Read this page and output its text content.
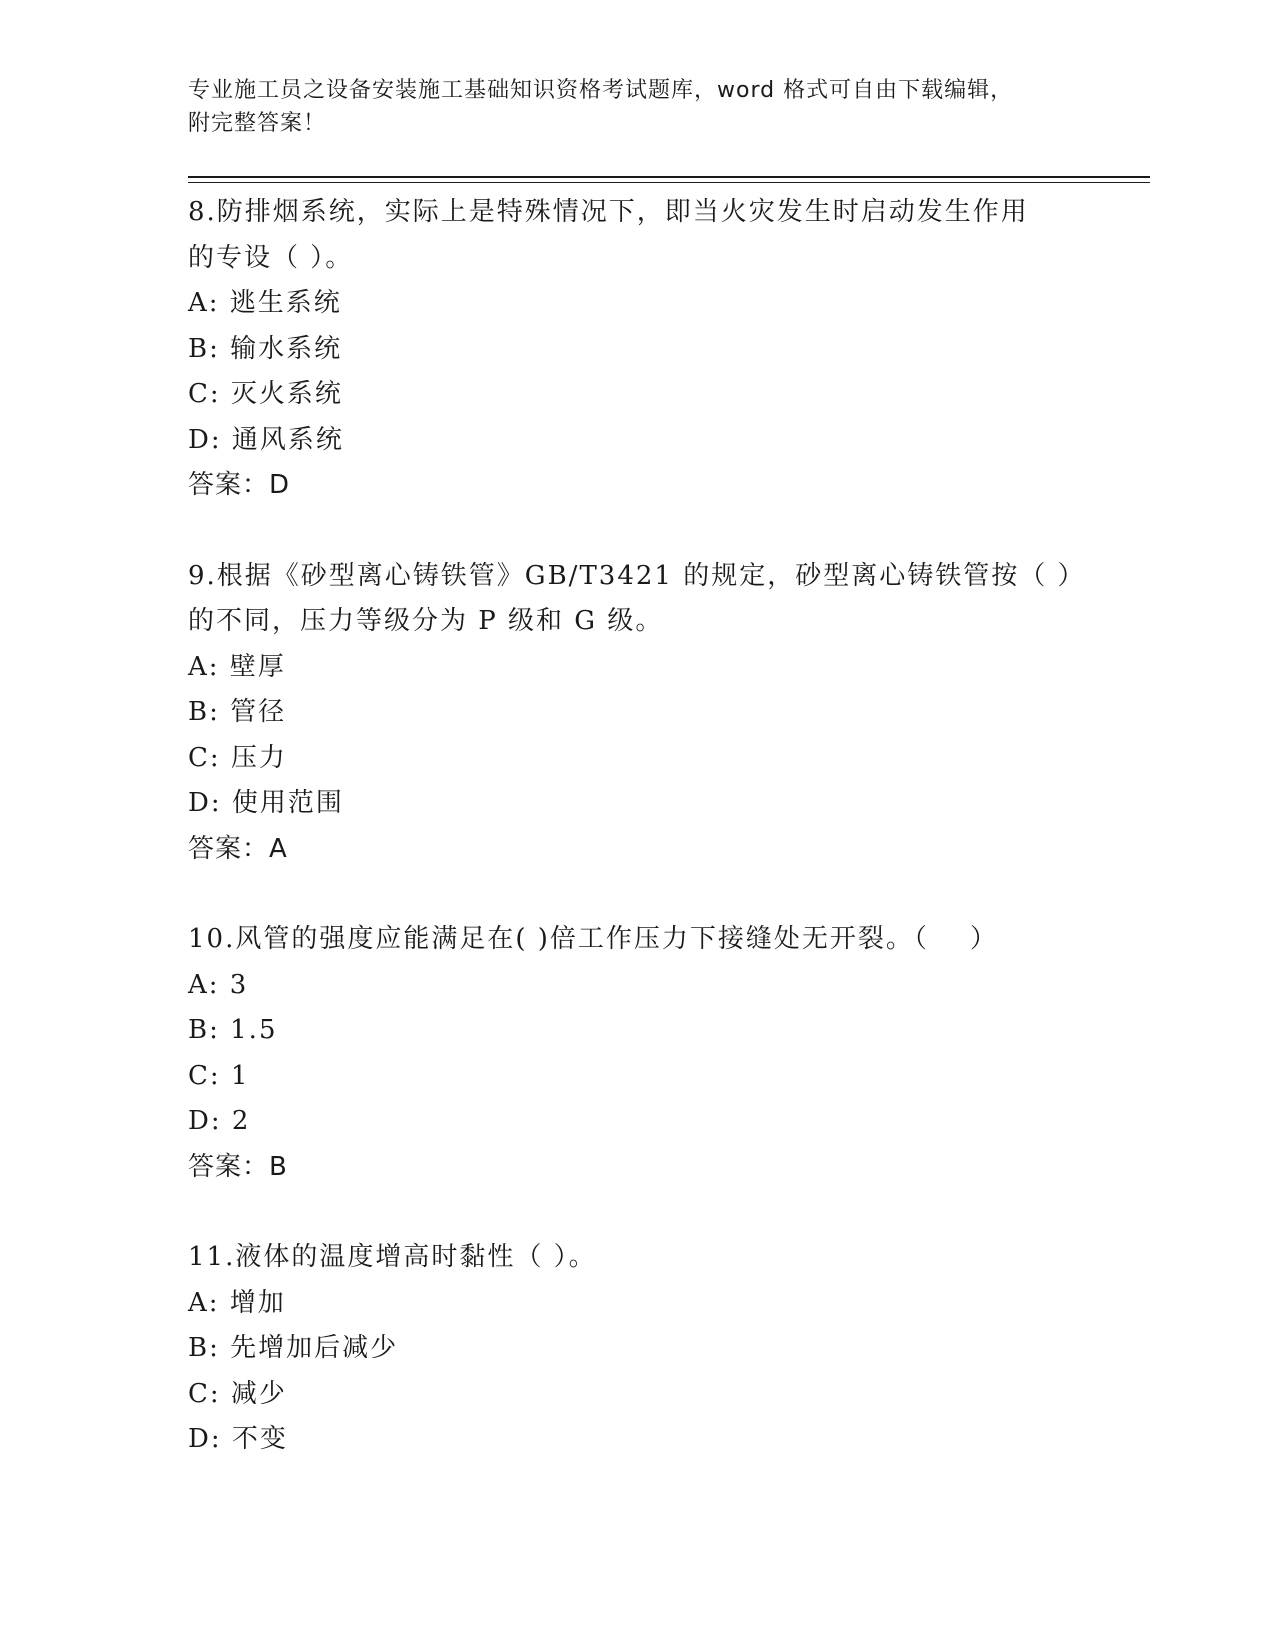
专业施工员之设备安装施工基础知识资格考试题库，word 格式可自由下载编辑，
附完整答案！
8.防排烟系统，实际上是特殊情况下，即当火灾发生时启动发生作用
的专设（ ）。
A: 逃生系统
B: 输水系统
C: 灭火系统
D: 通风系统
答案：D
9.根据《砂型离心铸铁管》GB/T3421 的规定，砂型离心铸铁管按（ ）
的不同，压力等级分为 P 级和 G 级。
A: 壁厚
B: 管径
C: 压力
D: 使用范围
答案：A
10.风管的强度应能满足在( )倍工作压力下接缝处无开裂。（    ）
A: 3
B: 1.5
C: 1
D: 2
答案：B
11.液体的温度增高时黏性（ ）。
A: 增加
B: 先增加后减少
C: 减少
D: 不变
